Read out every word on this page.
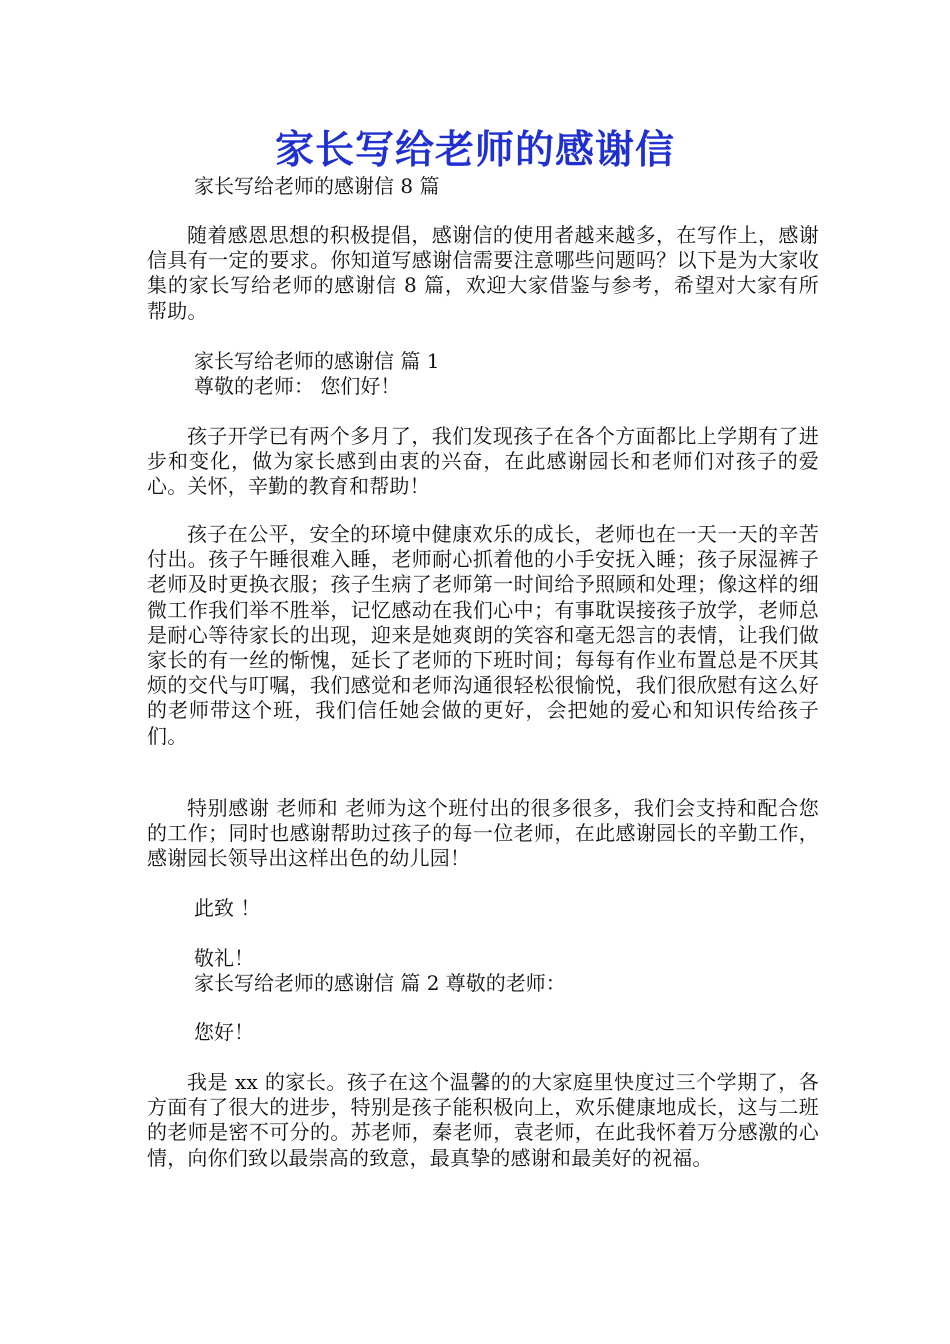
家长写给老师的感谢信

家长写给老师的感谢信 8 篇

随着感恩思想的积极提倡，感谢信的使用者越来越多，在写作上，感谢信具有一定的要求。你知道写感谢信需要注意哪些问题吗？以下是为大家收集的家长写给老师的感谢信 8 篇，欢迎大家借鉴与参考，希望对大家有所帮助。

家长写给老师的感谢信 篇 1

尊敬的老师： 您们好！

孩子开学已有两个多月了，我们发现孩子在各个方面都比上学期有了进步和变化，做为家长感到由衷的兴奋，在此感谢园长和老师们对孩子的爱心。关怀，辛勤的教育和帮助！

孩子在公平，安全的环境中健康欢乐的成长，老师也在一天一天的辛苦付出。孩子午睡很难入睡，老师耐心抓着他的小手安抚入睡；孩子尿湿裤子老师及时更换衣服；孩子生病了老师第一时间给予照顾和处理；像这样的细微工作我们举不胜举，记忆感动在我们心中；有事耽误接孩子放学，老师总是耐心等待家长的出现，迎来是她爽朗的笑容和毫无怨言的表情，让我们做家长的有一丝的惭愧，延长了老师的下班时间；每每有作业布置总是不厌其烦的交代与叮嘱，我们感觉和老师沟通很轻松很愉悦，我们很欣慰有这么好的老师带这个班，我们信任她会做的更好，会把她的爱心和知识传给孩子们。

特别感谢 老师和 老师为这个班付出的很多很多，我们会支持和配合您的工作；同时也感谢帮助过孩子的每一位老师，在此感谢园长的辛勤工作，感谢园长领导出这样出色的幼儿园！

此致 ！

敬礼！

家长写给老师的感谢信 篇 2 尊敬的老师：

您好！

我是 xx 的家长。孩子在这个温馨的的大家庭里快度过三个学期了，各方面有了很大的进步，特别是孩子能积极向上，欢乐健康地成长，这与二班的老师是密不可分的。苏老师，秦老师，袁老师，在此我怀着万分感激的心情，向你们致以最崇高的致意，最真挚的感谢和最美好的祝福。
